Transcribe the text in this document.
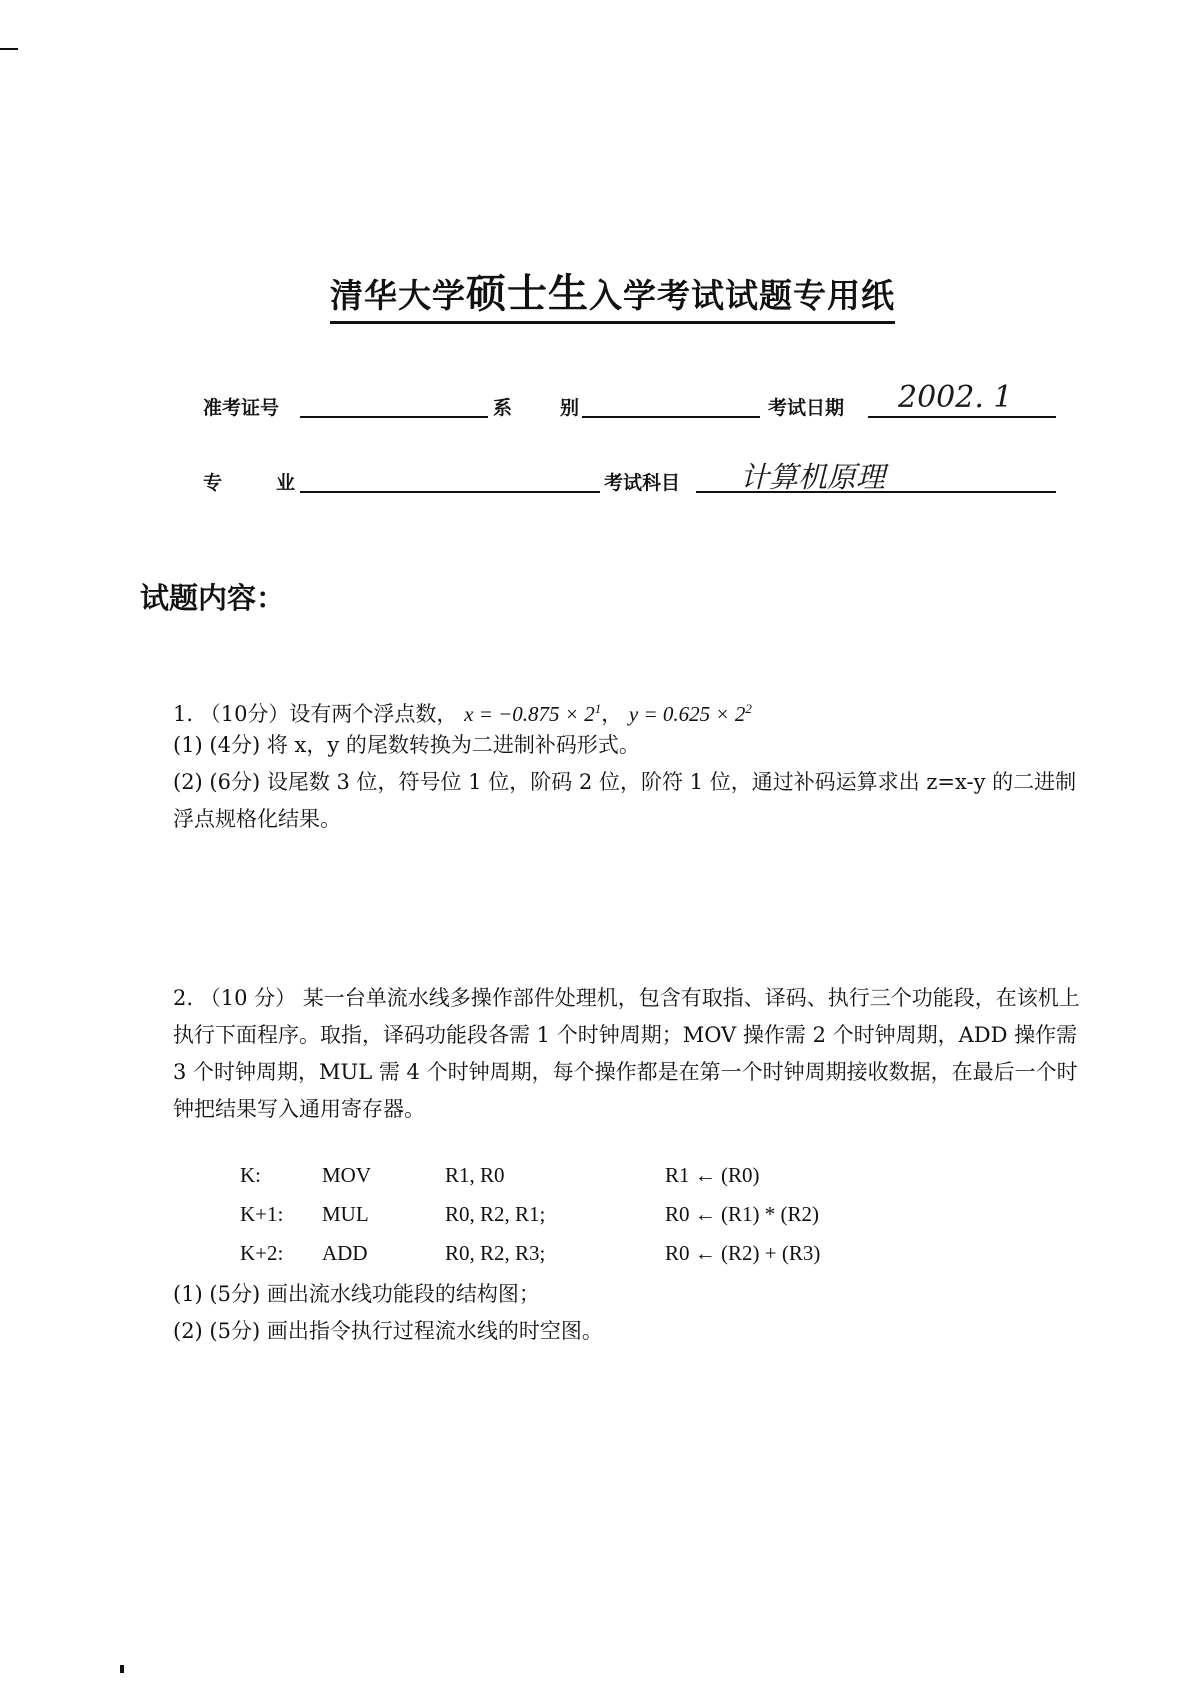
清华大学硕士生入学考试试题专用纸
准考证号	系	别	考试日期 2002. 1
专	业	考试科目 计算机原理
试题内容：
1. （10分）设有两个浮点数， $x = -0.875 \times 2^1$， $y = 0.625 \times 2^2$
(1) (4分) 将 x，y 的尾数转换为二进制补码形式。
(2) (6分) 设尾数 3 位，符号位 1 位，阶码 2 位，阶符 1 位，通过补码运算求出 z=x-y 的二进制浮点规格化结果。
2. （10 分） 某一台单流水线多操作部件处理机，包含有取指、译码、执行三个功能段，在该机上执行下面程序。取指，译码功能段各需 1 个时钟周期；MOV 操作需 2 个时钟周期，ADD 操作需 3 个时钟周期，MUL 需 4 个时钟周期，每个操作都是在第一个时钟周期接收数据，在最后一个时钟把结果写入通用寄存器。
K:	MOV	R1, R0	R1 ← (R0)
K+1: MUL	R0, R2, R1;	R0 ← (R1) * (R2)
K+2: ADD	R0, R2, R3;	R0 ← (R2) + (R3)
(1) (5分) 画出流水线功能段的结构图；
(2) (5分) 画出指令执行过程流水线的时空图。
